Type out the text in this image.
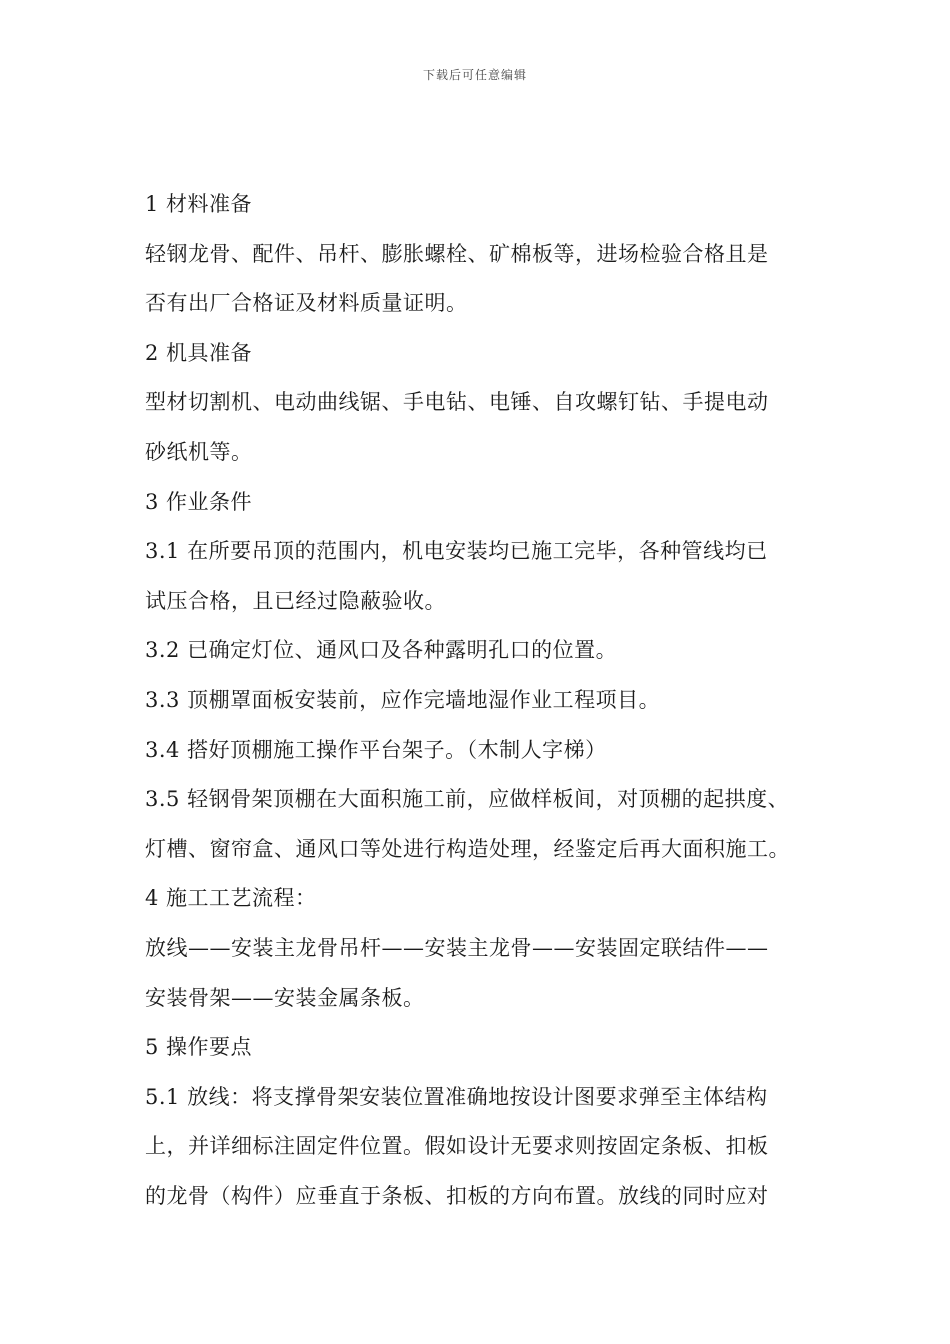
下载后可任意编辑
1 材料准备
轻钢龙骨、配件、吊杆、膨胀螺栓、矿棉板等，进场检验合格且是
否有出厂合格证及材料质量证明。
2 机具准备
型材切割机、电动曲线锯、手电钻、电锤、自攻螺钉钻、手提电动
砂纸机等。
3 作业条件
3.1 在所要吊顶的范围内，机电安装均已施工完毕，各种管线均已
试压合格，且已经过隐蔽验收。
3.2 已确定灯位、通风口及各种露明孔口的位置。
3.3 顶棚罩面板安装前，应作完墙地湿作业工程项目。
3.4 搭好顶棚施工操作平台架子。（木制人字梯）
3.5 轻钢骨架顶棚在大面积施工前，应做样板间，对顶棚的起拱度、
灯槽、窗帘盒、通风口等处进行构造处理，经鉴定后再大面积施工。
4 施工工艺流程：
放线——安装主龙骨吊杆——安装主龙骨——安装固定联结件——
安装骨架——安装金属条板。
5 操作要点
5.1 放线：将支撑骨架安装位置准确地按设计图要求弹至主体结构
上，并详细标注固定件位置。假如设计无要求则按固定条板、扣板
的龙骨（构件）应垂直于条板、扣板的方向布置。放线的同时应对
